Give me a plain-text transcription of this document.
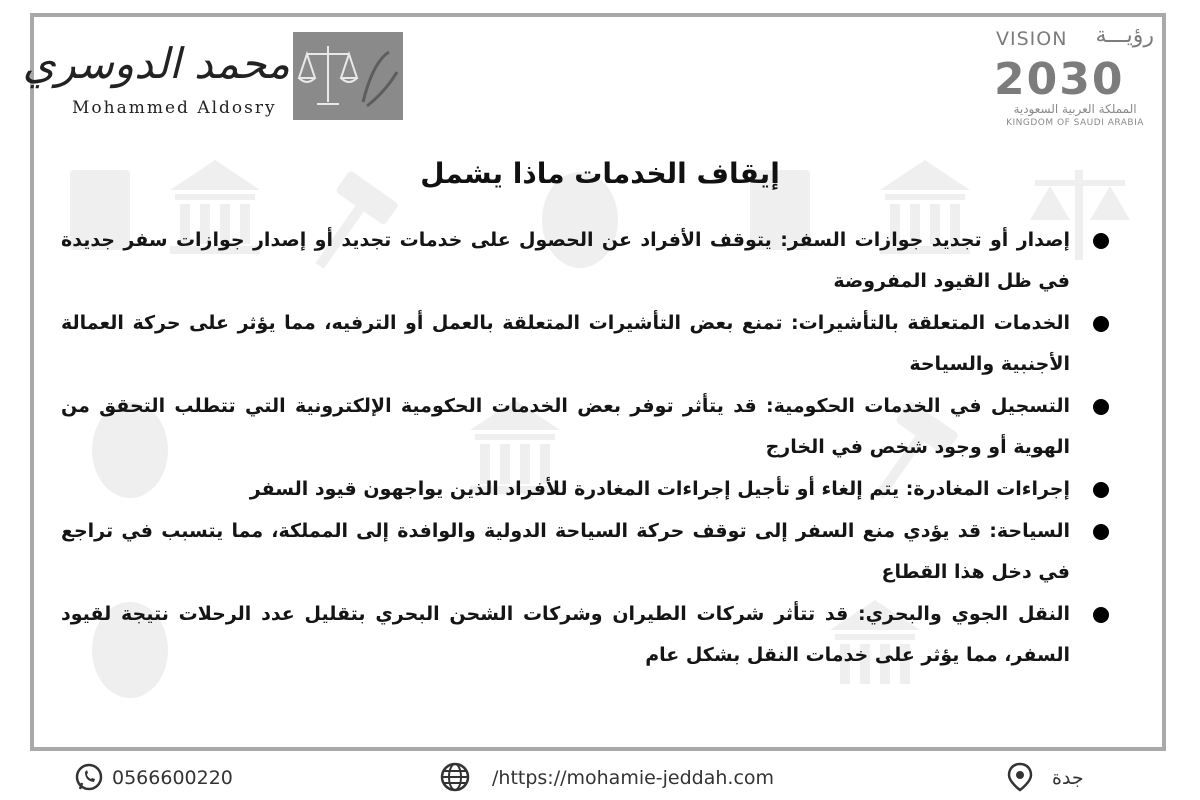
محمد الدوسري
Mohammed Aldosry
VISION رؤيـــة
2030
المملكة العربية السعودية
KINGDOM OF SAUDI ARABIA
إيقاف الخدمات ماذا يشمل
إصدار أو تجديد جوازات السفر: يتوقف الأفراد عن الحصول على خدمات تجديد أو إصدار جوازات سفر جديدة في ظل القيود المفروضة
الخدمات المتعلقة بالتأشيرات: تمنع بعض التأشيرات المتعلقة بالعمل أو الترفيه، مما يؤثر على حركة العمالة الأجنبية والسياحة
التسجيل في الخدمات الحكومية: قد يتأثر توفر بعض الخدمات الحكومية الإلكترونية التي تتطلب التحقق من الهوية أو وجود شخص في الخارج
إجراءات المغادرة: يتم إلغاء أو تأجيل إجراءات المغادرة للأفراد الذين يواجهون قيود السفر
السياحة: قد يؤدي منع السفر إلى توقف حركة السياحة الدولية والوافدة إلى المملكة، مما يتسبب في تراجع في دخل هذا القطاع
النقل الجوي والبحري: قد تتأثر شركات الطيران وشركات الشحن البحري بتقليل عدد الرحلات نتيجة لقيود السفر، مما يؤثر على خدمات النقل بشكل عام
0566600220	/https://mohamie-jeddah.com	جدة
